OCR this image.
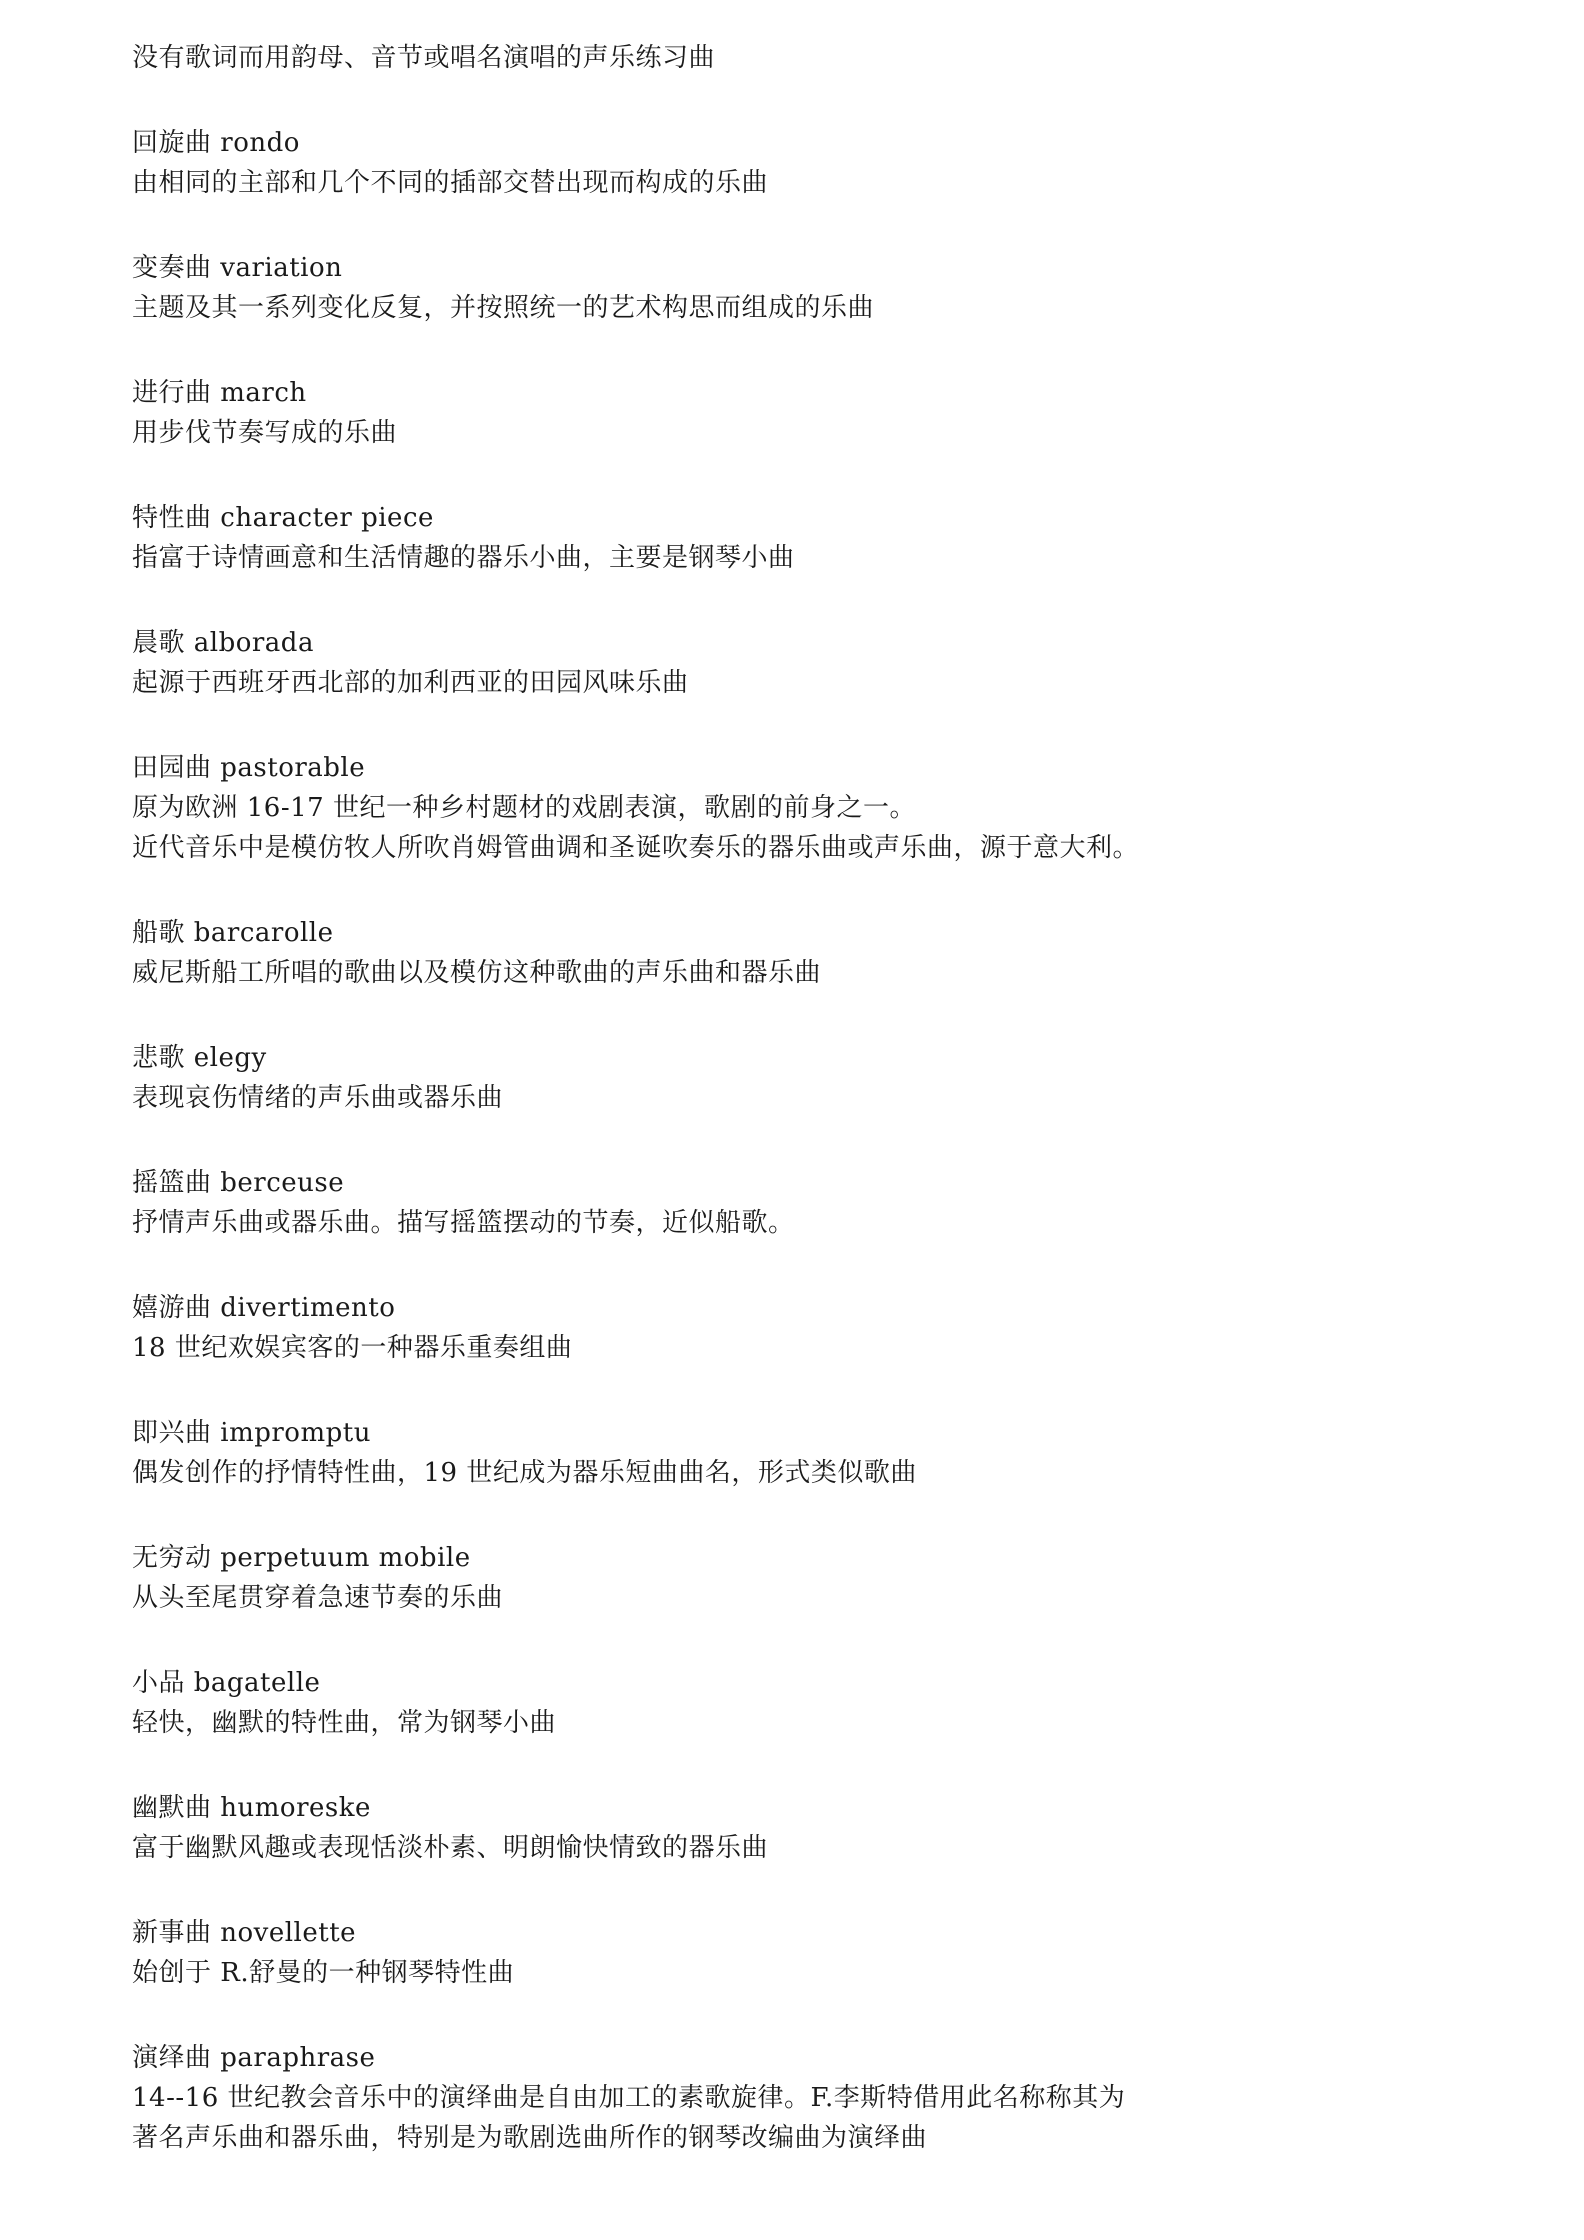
没有歌词而用韵母、音节或唱名演唱的声乐练习曲
回旋曲 rondo
由相同的主部和几个不同的插部交替出现而构成的乐曲
变奏曲 variation
主题及其一系列变化反复，并按照统一的艺术构思而组成的乐曲
进行曲 march
用步伐节奏写成的乐曲
特性曲 character piece
指富于诗情画意和生活情趣的器乐小曲，主要是钢琴小曲
晨歌 alborada
起源于西班牙西北部的加利西亚的田园风味乐曲
田园曲 pastorable
原为欧洲 16-17 世纪一种乡村题材的戏剧表演，歌剧的前身之一。
近代音乐中是模仿牧人所吹肖姆管曲调和圣诞吹奏乐的器乐曲或声乐曲，源于意大利。
船歌 barcarolle
威尼斯船工所唱的歌曲以及模仿这种歌曲的声乐曲和器乐曲
悲歌 elegy
表现哀伤情绪的声乐曲或器乐曲
摇篮曲 berceuse
抒情声乐曲或器乐曲。描写摇篮摆动的节奏，近似船歌。
嬉游曲 divertimento
18 世纪欢娱宾客的一种器乐重奏组曲
即兴曲 impromptu
偶发创作的抒情特性曲，19 世纪成为器乐短曲曲名，形式类似歌曲
无穷动 perpetuum mobile
从头至尾贯穿着急速节奏的乐曲
小品 bagatelle
轻快，幽默的特性曲，常为钢琴小曲
幽默曲 humoreske
富于幽默风趣或表现恬淡朴素、明朗愉快情致的器乐曲
新事曲 novellette
始创于 R.舒曼的一种钢琴特性曲
演绎曲 paraphrase
14--16 世纪教会音乐中的演绎曲是自由加工的素歌旋律。F.李斯特借用此名称称其为
著名声乐曲和器乐曲，特别是为歌剧选曲所作的钢琴改编曲为演绎曲
